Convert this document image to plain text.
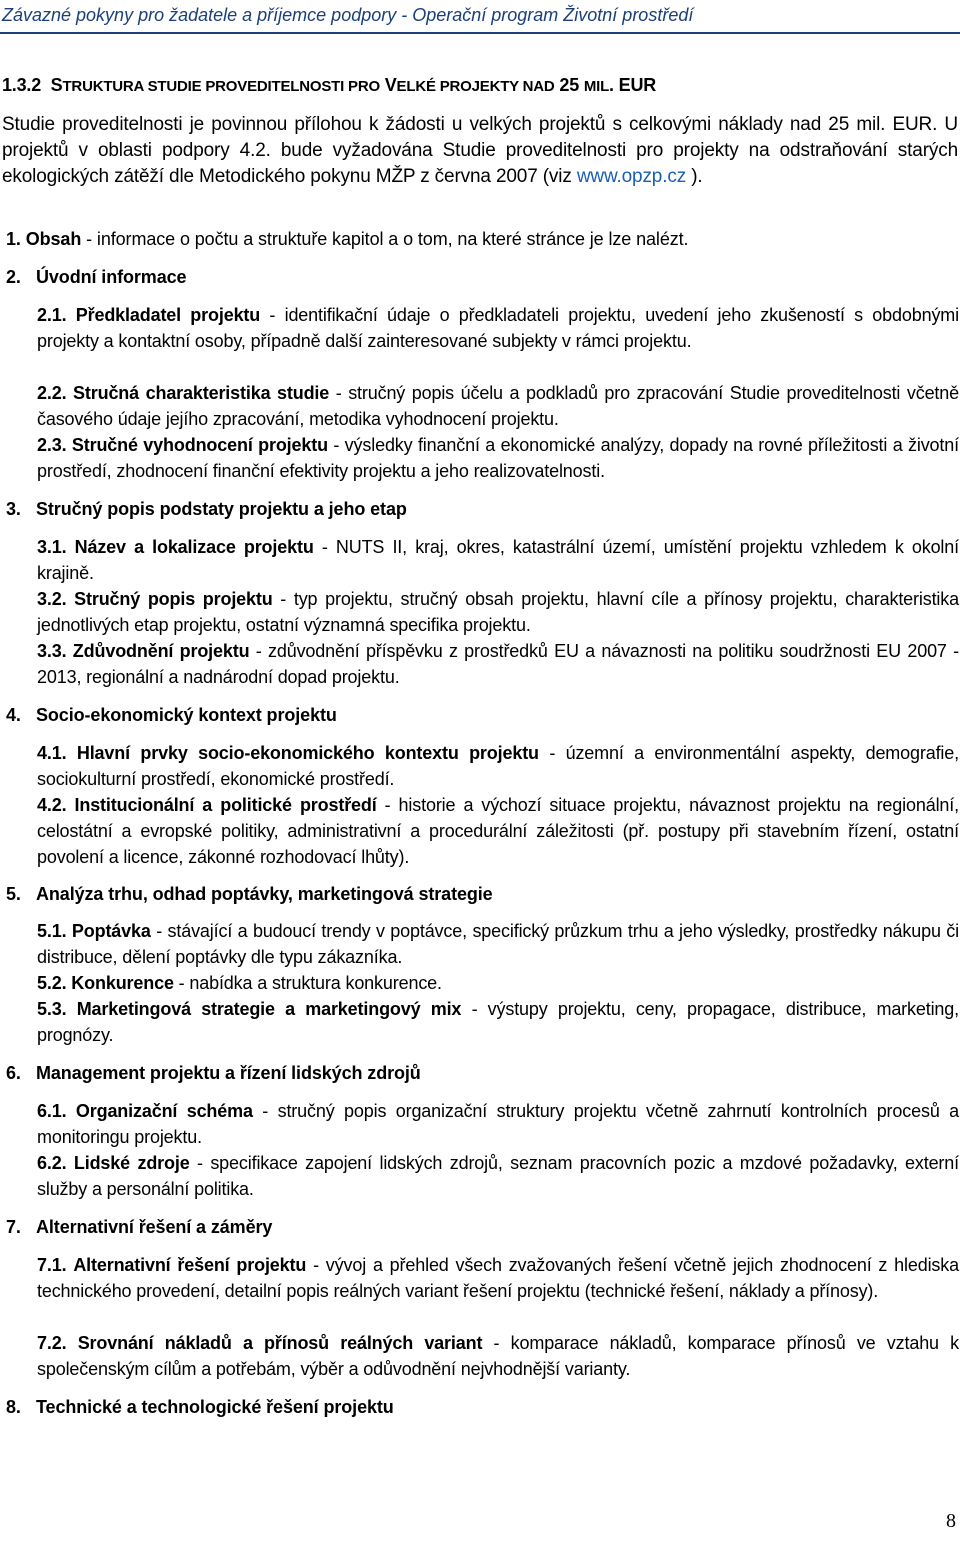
Závazné pokyny pro žadatele a příjemce podpory - Operační program Životní prostředí
1.3.2 STRUKTURA STUDIE PROVEDITELNOSTI PRO VELKÉ PROJEKTY NAD 25 MIL. EUR
Studie proveditelnosti je povinnou přílohou k žádosti u velkých projektů s celkovými náklady nad 25 mil. EUR. U projektů v oblasti podpory 4.2. bude vyžadována Studie proveditelnosti pro projekty na odstraňování starých ekologických zátěží dle Metodického pokynu MŽP z června 2007 (viz www.opzp.cz ).
1. Obsah - informace o počtu a struktuře kapitol a o tom, na které stránce je lze nalézt.
2. Úvodní informace
2.1. Předkladatel projektu - identifikační údaje o předkladateli projektu, uvedení jeho zkušeností s obdobnými projekty a kontaktní osoby, případně další zainteresované subjekty v rámci projektu.
2.2. Stručná charakteristika studie - stručný popis účelu a podkladů pro zpracování Studie proveditelnosti včetně časového údaje jejího zpracování, metodika vyhodnocení projektu.
2.3. Stručné vyhodnocení projektu - výsledky finanční a ekonomické analýzy, dopady na rovné příležitosti a životní prostředí, zhodnocení finanční efektivity projektu a jeho realizovatelnosti.
3. Stručný popis podstaty projektu a jeho etap
3.1. Název a lokalizace projektu - NUTS II, kraj, okres, katastrální území, umístění projektu vzhledem k okolní krajině.
3.2. Stručný popis projektu - typ projektu, stručný obsah projektu, hlavní cíle a přínosy projektu, charakteristika jednotlivých etap projektu, ostatní významná specifika projektu.
3.3. Zdůvodnění projektu - zdůvodnění příspěvku z prostředků EU a návaznosti na politiku soudržnosti EU 2007 - 2013, regionální a nadnárodní dopad projektu.
4. Socio-ekonomický kontext projektu
4.1. Hlavní prvky socio-ekonomického kontextu projektu - územní a environmentální aspekty, demografie, sociokulturní prostředí, ekonomické prostředí.
4.2. Institucionální a politické prostředí - historie a výchozí situace projektu, návaznost projektu na regionální, celostátní a evropské politiky, administrativní a procedurální záležitosti (př. postupy při stavebním řízení, ostatní povolení a licence, zákonné rozhodovací lhůty).
5. Analýza trhu, odhad poptávky, marketingová strategie
5.1. Poptávka - stávající a budoucí trendy v poptávce, specifický průzkum trhu a jeho výsledky, prostředky nákupu či distribuce, dělení poptávky dle typu zákazníka.
5.2. Konkurence - nabídka a struktura konkurence.
5.3. Marketingová strategie a marketingový mix - výstupy projektu, ceny, propagace, distribuce, marketing, prognózy.
6. Management projektu a řízení lidských zdrojů
6.1. Organizační schéma - stručný popis organizační struktury projektu včetně zahrnutí kontrolních procesů a monitoringu projektu.
6.2. Lidské zdroje - specifikace zapojení lidských zdrojů, seznam pracovních pozic a mzdové požadavky, externí služby a personální politika.
7. Alternativní řešení a záměry
7.1. Alternativní řešení projektu - vývoj a přehled všech zvažovaných řešení včetně jejich zhodnocení z hlediska technického provedení, detailní popis reálných variant řešení projektu (technické řešení, náklady a přínosy).
7.2. Srovnání nákladů a přínosů reálných variant - komparace nákladů, komparace přínosů ve vztahu k společenským cílům a potřebám, výběr a odůvodnění nejvhodnější varianty.
8. Technické a technologické řešení projektu
8
